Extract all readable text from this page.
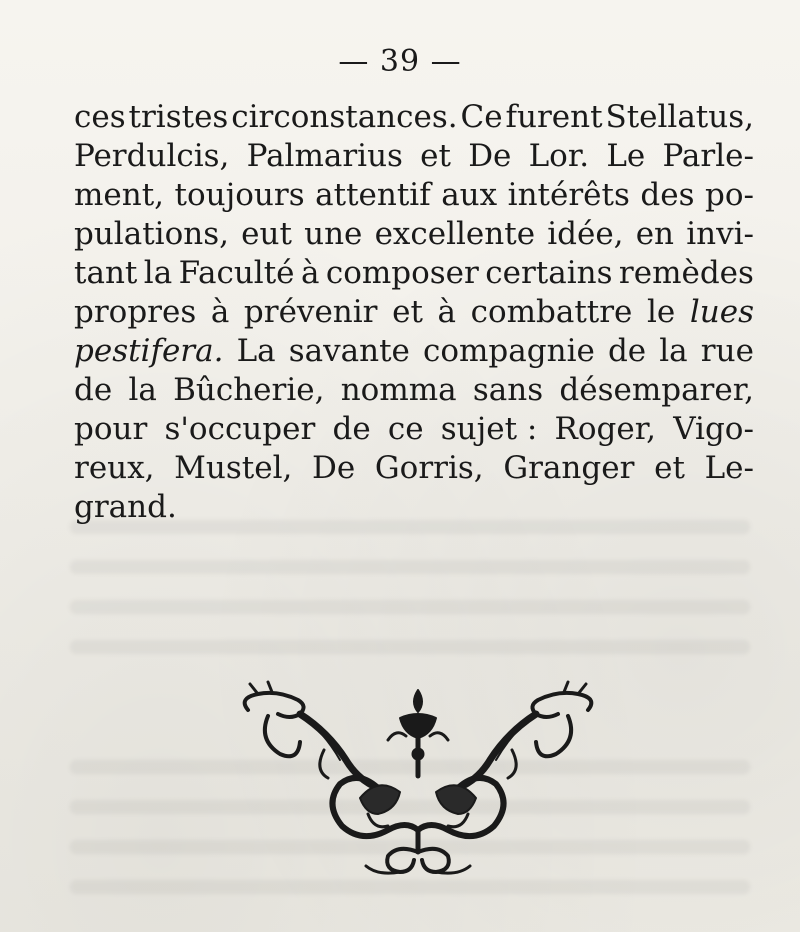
— 39 —
ces tristes circonstances. Ce furent Stellatus,
Perdulcis, Palmarius et De Lor. Le Parle-
ment, toujours attentif aux intérêts des po-
pulations, eut une excellente idée, en invi-
tant la Faculté à composer certains remèdes
propres à prévenir et à combattre le lues
pestifera. La savante compagnie de la rue
de la Bûcherie, nomma sans désemparer,
pour s'occuper de ce sujet : Roger, Vigo-
reux, Mustel, De Gorris, Granger et Le-
grand.
